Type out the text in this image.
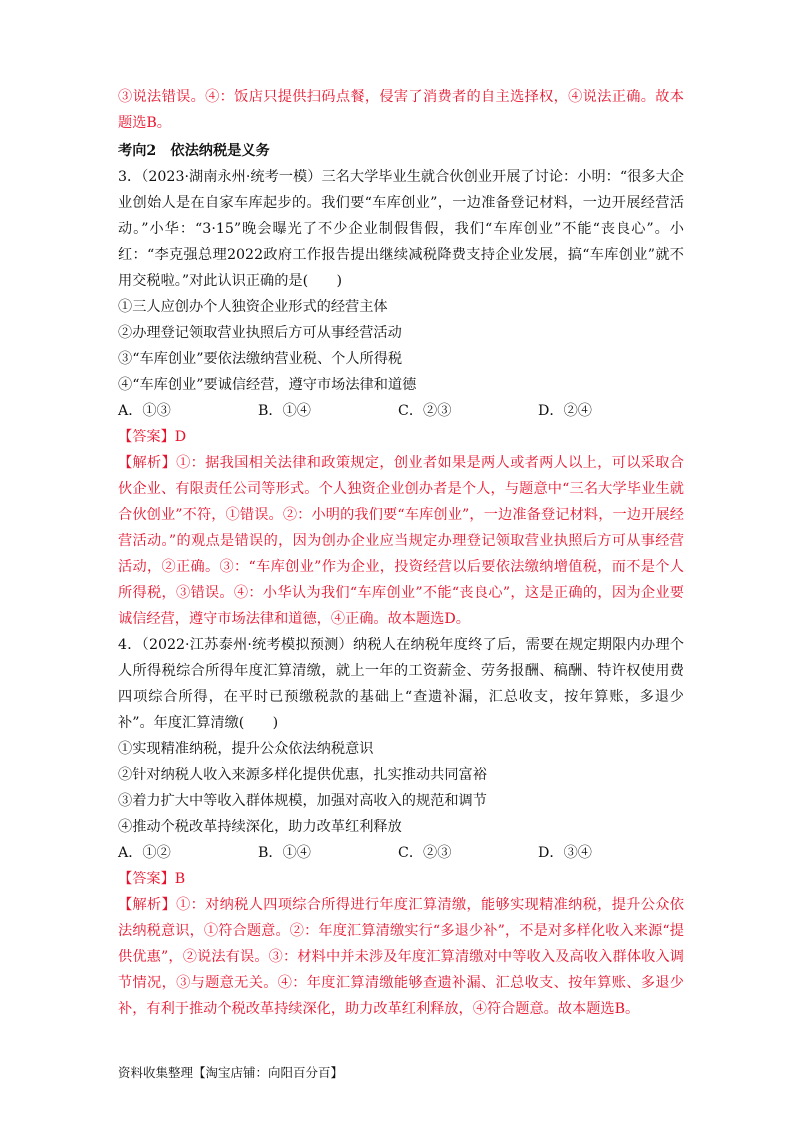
③说法错误。④：饭店只提供扫码点餐，侵害了消费者的自主选择权，④说法正确。故本题选B。

考向2　依法纳税是义务

3．（2023·湖南永州·统考一模）三名大学毕业生就合伙创业开展了讨论：小明：“很多大企业创始人是在自家车库起步的。我们要“车库创业”，一边准备登记材料，一边开展经营活动。”小华：“3·15”晚会曝光了不少企业制假售假，我们“车库创业”不能“丧良心”。小红：“李克强总理2022政府工作报告提出继续减税降费支持企业发展，搞“车库创业”就不用交税啦。”对此认识正确的是(　　)

①三人应创办个人独资企业形式的经营主体

②办理登记领取营业执照后方可从事经营活动

③“车库创业”要依法缴纳营业税、个人所得税

④“车库创业”要诚信经营，遵守市场法律和道德

A．①③	B．①④	C．②③	D．②④

【答案】D

【解析】①：据我国相关法律和政策规定，创业者如果是两人或者两人以上，可以采取合伙企业、有限责任公司等形式。个人独资企业创办者是个人，与题意中“三名大学毕业生就合伙创业”不符，①错误。②：小明的我们要“车库创业”，一边准备登记材料，一边开展经营活动。”的观点是错误的，因为创办企业应当规定办理登记领取营业执照后方可从事经营活动，②正确。③：“车库创业”作为企业，投资经营以后要依法缴纳增值税，而不是个人所得税，③错误。④：小华认为我们“车库创业”不能“丧良心”，这是正确的，因为企业要诚信经营，遵守市场法律和道德，④正确。故本题选D。

4．（2022·江苏泰州·统考模拟预测）纳税人在纳税年度终了后，需要在规定期限内办理个人所得税综合所得年度汇算清缴，就上一年的工资薪金、劳务报酬、稿酬、特许权使用费四项综合所得，在平时已预缴税款的基础上“查遗补漏，汇总收支，按年算账，多退少补”。年度汇算清缴(　　)

①实现精准纳税，提升公众依法纳税意识

②针对纳税人收入来源多样化提供优惠，扎实推动共同富裕

③着力扩大中等收入群体规模，加强对高收入的规范和调节

④推动个税改革持续深化，助力改革红利释放

A．①②	B．①④	C．②③	D．③④

【答案】B

【解析】①：对纳税人四项综合所得进行年度汇算清缴，能够实现精准纳税，提升公众依法纳税意识，①符合题意。②：年度汇算清缴实行“多退少补”，不是对多样化收入来源“提供优惠”，②说法有误。③：材料中并未涉及年度汇算清缴对中等收入及高收入群体收入调节情况，③与题意无关。④：年度汇算清缴能够查遗补漏、汇总收支、按年算账、多退少补，有利于推动个税改革持续深化，助力改革红利释放，④符合题意。故本题选B。

资料收集整理【淘宝店铺：向阳百分百】
